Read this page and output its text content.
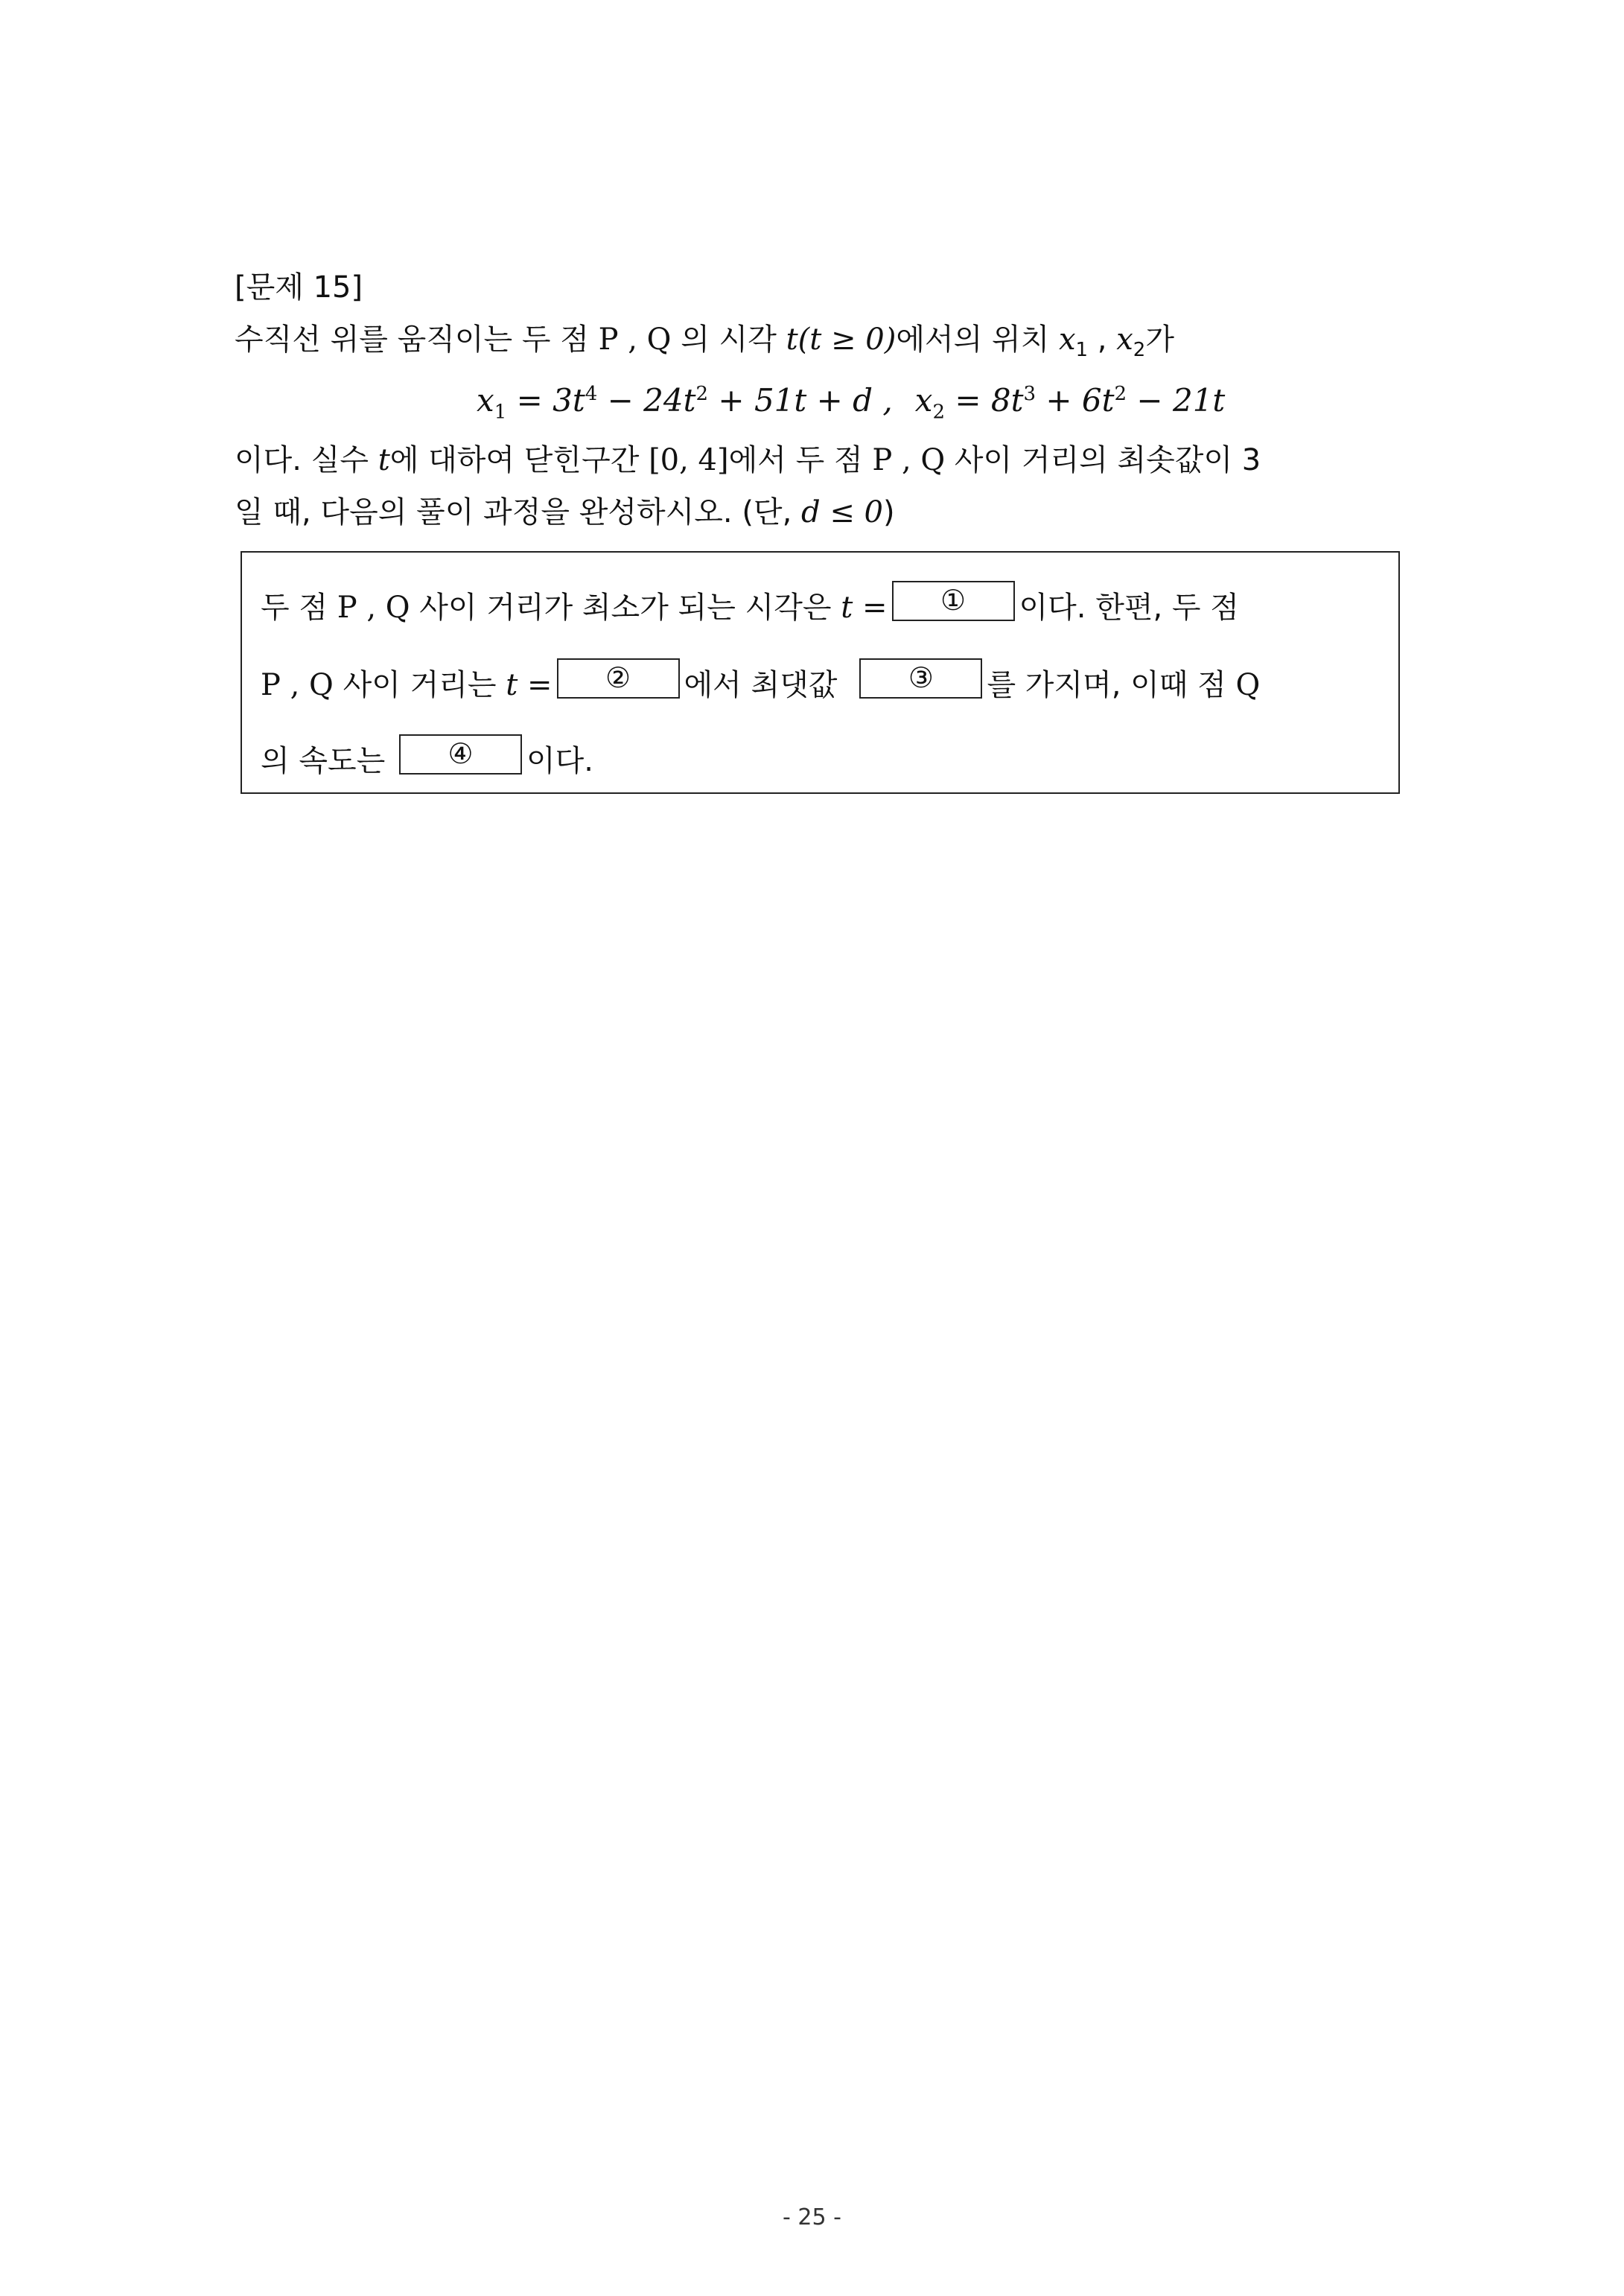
[문제 15]
수직선 위를 움직이는 두 점 P , Q 의 시각 t(t ≥ 0)에서의 위치 $x_1$ , $x_2$가
$x_1 = 3t^4 - 24t^2 + 51t + d$ , $x_2 = 8t^3 + 6t^2 - 21t$
이다. 실수 t에 대하여 닫힌구간 [0, 4]에서 두 점 P , Q 사이 거리의 최솟값이 3
일 때, 다음의 풀이 과정을 완성하시오. (단, d ≤ 0)
두 점 P , Q 사이 거리가 최소가 되는 시각은 t = ① 이다. 한편, 두 점
P , Q 사이 거리는 t = ② 에서 최댓값	③ 를 가지며, 이때 점 Q
의 속도는 ④ 이다.
- 25 -
